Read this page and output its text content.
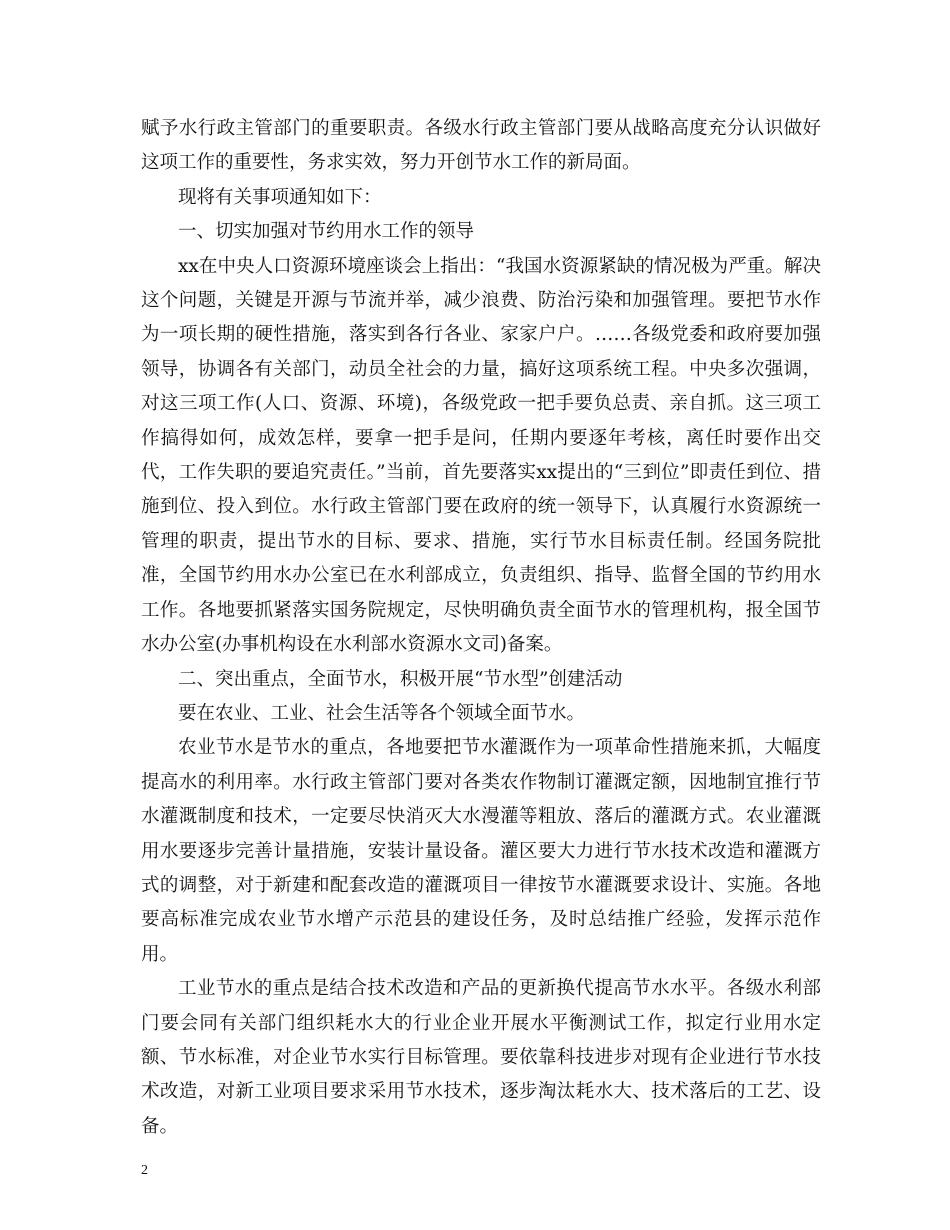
赋予水行政主管部门的重要职责。各级水行政主管部门要从战略高度充分认识做好这项工作的重要性，务求实效，努力开创节水工作的新局面。

现将有关事项通知如下：

一、切实加强对节约用水工作的领导

xx在中央人口资源环境座谈会上指出：“我国水资源紧缺的情况极为严重。解决这个问题，关键是开源与节流并举，减少浪费、防治污染和加强管理。要把节水作为一项长期的硬性措施，落实到各行各业、家家户户。……各级党委和政府要加强领导，协调各有关部门，动员全社会的力量，搞好这项系统工程。中央多次强调，对这三项工作(人口、资源、环境)，各级党政一把手要负总责、亲自抓。这三项工作搞得如何，成效怎样，要拿一把手是问，任期内要逐年考核，离任时要作出交代，工作失职的要追究责任。”当前，首先要落实xx提出的“三到位”即责任到位、措施到位、投入到位。水行政主管部门要在政府的统一领导下，认真履行水资源统一管理的职责，提出节水的目标、要求、措施，实行节水目标责任制。经国务院批准，全国节约用水办公室已在水利部成立，负责组织、指导、监督全国的节约用水工作。各地要抓紧落实国务院规定，尽快明确负责全面节水的管理机构，报全国节水办公室(办事机构设在水利部水资源水文司)备案。

二、突出重点，全面节水，积极开展“节水型”创建活动

要在农业、工业、社会生活等各个领域全面节水。

农业节水是节水的重点，各地要把节水灌溉作为一项革命性措施来抓，大幅度提高水的利用率。水行政主管部门要对各类农作物制订灌溉定额，因地制宜推行节水灌溉制度和技术，一定要尽快消灭大水漫灌等粗放、落后的灌溉方式。农业灌溉用水要逐步完善计量措施，安装计量设备。灌区要大力进行节水技术改造和灌溉方式的调整，对于新建和配套改造的灌溉项目一律按节水灌溉要求设计、实施。各地要高标准完成农业节水增产示范县的建设任务，及时总结推广经验，发挥示范作用。

工业节水的重点是结合技术改造和产品的更新换代提高节水水平。各级水利部门要会同有关部门组织耗水大的行业企业开展水平衡测试工作，拟定行业用水定额、节水标准，对企业节水实行目标管理。要依靠科技进步对现有企业进行节水技术改造，对新工业项目要求采用节水技术，逐步淘汰耗水大、技术落后的工艺、设备。

2
